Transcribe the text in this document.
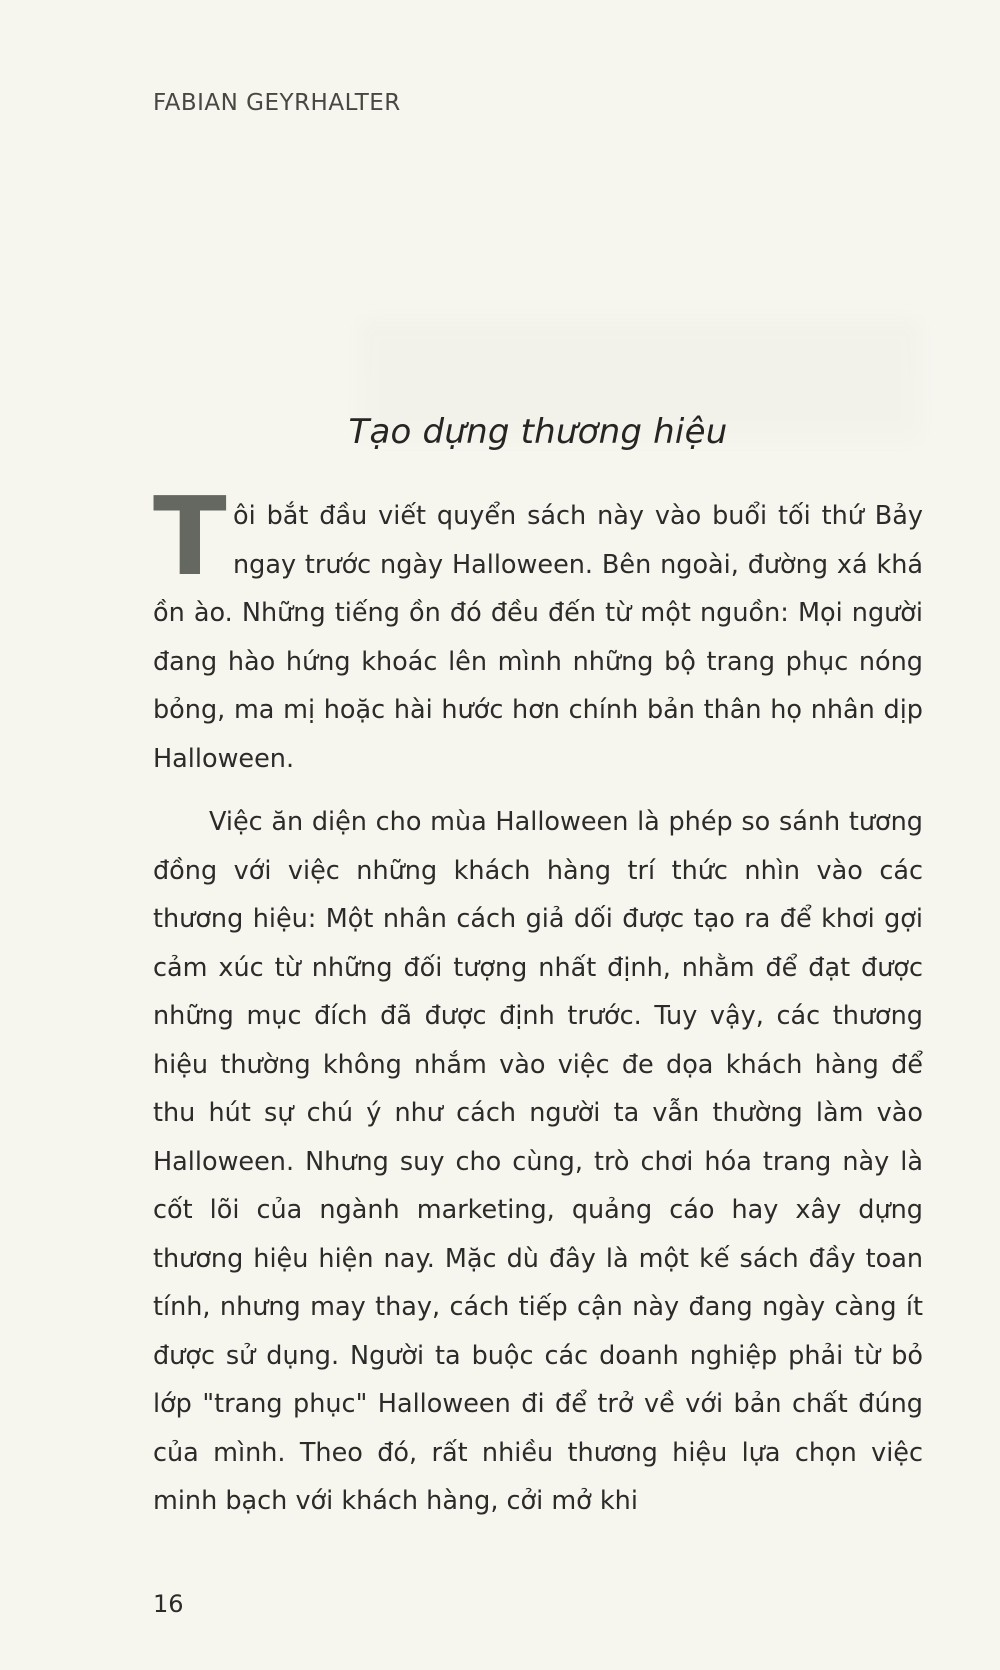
FABIAN GEYRHALTER
Tạo dựng thương hiệu

Tôi bắt đầu viết quyển sách này vào buổi tối thứ Bảy ngay trước ngày Halloween. Bên ngoài, đường xá khá ồn ào. Những tiếng ồn đó đều đến từ một nguồn: Mọi người đang hào hứng khoác lên mình những bộ trang phục nóng bỏng, ma mị hoặc hài hước hơn chính bản thân họ nhân dịp Halloween.

Việc ăn diện cho mùa Halloween là phép so sánh tương đồng với việc những khách hàng trí thức nhìn vào các thương hiệu: Một nhân cách giả dối được tạo ra để khơi gợi cảm xúc từ những đối tượng nhất định, nhằm để đạt được những mục đích đã được định trước. Tuy vậy, các thương hiệu thường không nhắm vào việc đe dọa khách hàng để thu hút sự chú ý như cách người ta vẫn thường làm vào Halloween. Nhưng suy cho cùng, trò chơi hóa trang này là cốt lõi của ngành marketing, quảng cáo hay xây dựng thương hiệu hiện nay. Mặc dù đây là một kế sách đầy toan tính, nhưng may thay, cách tiếp cận này đang ngày càng ít được sử dụng. Người ta buộc các doanh nghiệp phải từ bỏ lớp "trang phục" Halloween đi để trở về với bản chất đúng của mình. Theo đó, rất nhiều thương hiệu lựa chọn việc minh bạch với khách hàng, cởi mở khi

16
